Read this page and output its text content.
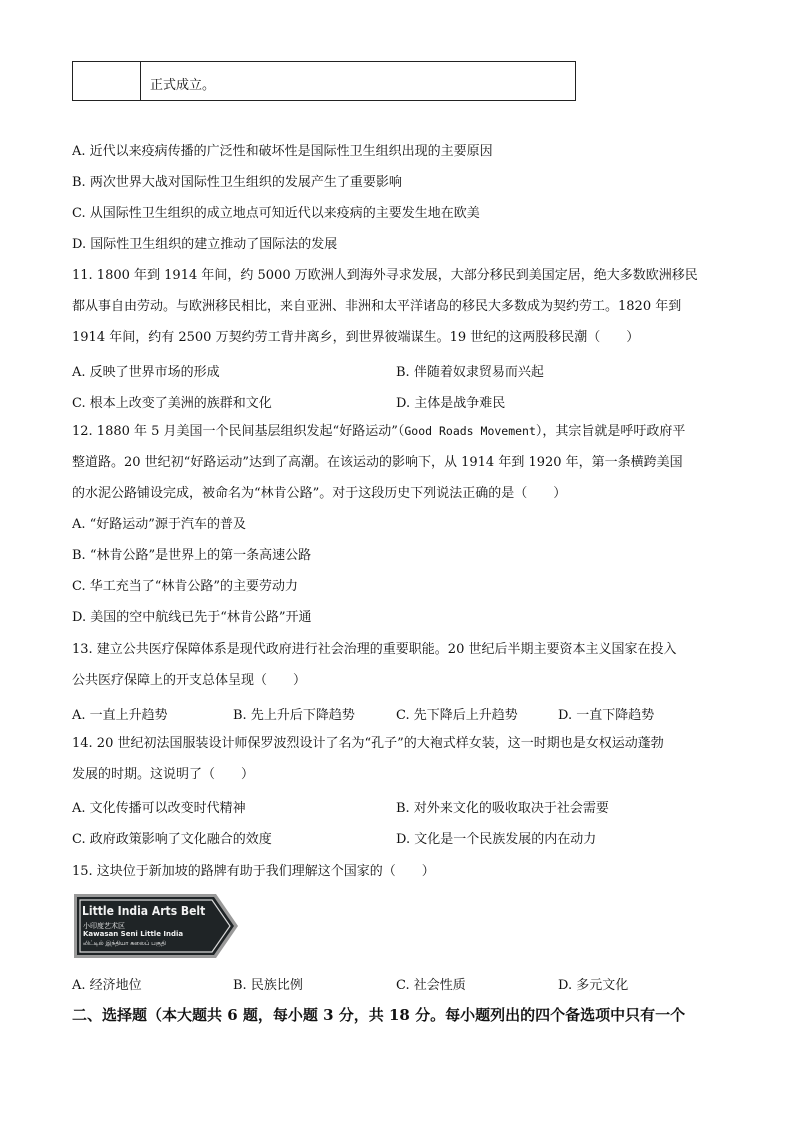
正式成立。
A. 近代以来疫病传播的广泛性和破坏性是国际性卫生组织出现的主要原因
B. 两次世界大战对国际性卫生组织的发展产生了重要影响
C. 从国际性卫生组织的成立地点可知近代以来疫病的主要发生地在欧美
D. 国际性卫生组织的建立推动了国际法的发展
11. 1800 年到 1914 年间，约 5000 万欧洲人到海外寻求发展，大部分移民到美国定居，绝大多数欧洲移民
都从事自由劳动。与欧洲移民相比，来自亚洲、非洲和太平洋诸岛的移民大多数成为契约劳工。1820 年到
1914 年间，约有 2500 万契约劳工背井离乡，到世界彼端谋生。19 世纪的这两股移民潮（　　）
A. 反映了世界市场的形成	B. 伴随着奴隶贸易而兴起
C. 根本上改变了美洲的族群和文化	D. 主体是战争难民
12. 1880 年 5 月美国一个民间基层组织发起“好路运动”（Good Roads Movement），其宗旨就是呼吁政府平
整道路。20 世纪初“好路运动”达到了高潮。在该运动的影响下，从 1914 年到 1920 年，第一条横跨美国
的水泥公路铺设完成，被命名为“林肯公路”。对于这段历史下列说法正确的是（　　）
A. “好路运动”源于汽车的普及
B. “林肯公路”是世界上的第一条高速公路
C. 华工充当了“林肯公路”的主要劳动力
D. 美国的空中航线已先于“林肯公路”开通
13. 建立公共医疗保障体系是现代政府进行社会治理的重要职能。20 世纪后半期主要资本主义国家在投入
公共医疗保障上的开支总体呈现（　　）
A. 一直上升趋势	B. 先上升后下降趋势	C. 先下降后上升趋势	D. 一直下降趋势
14. 20 世纪初法国服装设计师保罗波烈设计了名为“孔子”的大袍式样女装，这一时期也是女权运动蓬勃
发展的时期。这说明了（　　）
A. 文化传播可以改变时代精神	B. 对外来文化的吸收取决于社会需要
C. 政府政策影响了文化融合的效度	D. 文化是一个民族发展的内在动力
15. 这块位于新加坡的路牌有助于我们理解这个国家的（　　）
Little India Arts Belt
小印度艺术区
Kawasan Seni Little India
லிட்டில் இந்தியா கலைப் பகுதி
A. 经济地位	B. 民族比例	C. 社会性质	D. 多元文化
二、选择题（本大题共 6 题，每小题 3 分，共 18 分。每小题列出的四个备选项中只有一个
